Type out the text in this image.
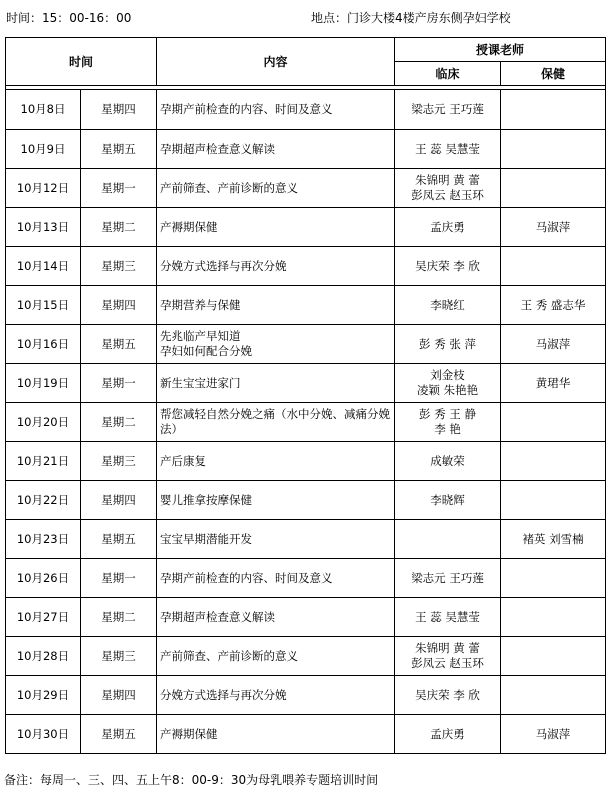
时间：15：00-16：00	地点：门诊大楼4楼产房东侧孕妇学校
时间		内容	授课老师	
			临床	保健

10月8日	星期四	孕期产前检查的内容、时间及意义	梁志元 王巧莲	
10月9日	星期五	孕期超声检查意义解读	王 蕊 吴慧莹	
10月12日	星期一	产前筛查、产前诊断的意义	朱锦明 黄 蕾
彭凤云 赵玉环	
10月13日	星期二	产褥期保健	孟庆勇	马淑萍
10月14日	星期三	分娩方式选择与再次分娩	吴庆荣 李 欣	
10月15日	星期四	孕期营养与保健	李晓红	王 秀 盛志华
10月16日	星期五	先兆临产早知道
孕妇如何配合分娩	彭 秀 张 萍	马淑萍
10月19日	星期一	新生宝宝进家门	刘金枝
凌颖 朱艳艳	黄珺华
10月20日	星期二	帮您减轻自然分娩之痛（水中分娩、减痛分娩法）	彭 秀 王 静
李 艳	
10月21日	星期三	产后康复	成敏荣	
10月22日	星期四	婴儿推拿按摩保健	李晓辉	
10月23日	星期五	宝宝早期潜能开发		褚英 刘雪楠
10月26日	星期一	孕期产前检查的内容、时间及意义	梁志元 王巧莲	
10月27日	星期二	孕期超声检查意义解读	王 蕊 吴慧莹	
10月28日	星期三	产前筛查、产前诊断的意义	朱锦明 黄 蕾
彭凤云 赵玉环	
10月29日	星期四	分娩方式选择与再次分娩	吴庆荣 李 欣	
10月30日	星期五	产褥期保健	孟庆勇	马淑萍
备注：每周一、三、四、五上午8：00-9：30为母乳喂养专题培训时间
